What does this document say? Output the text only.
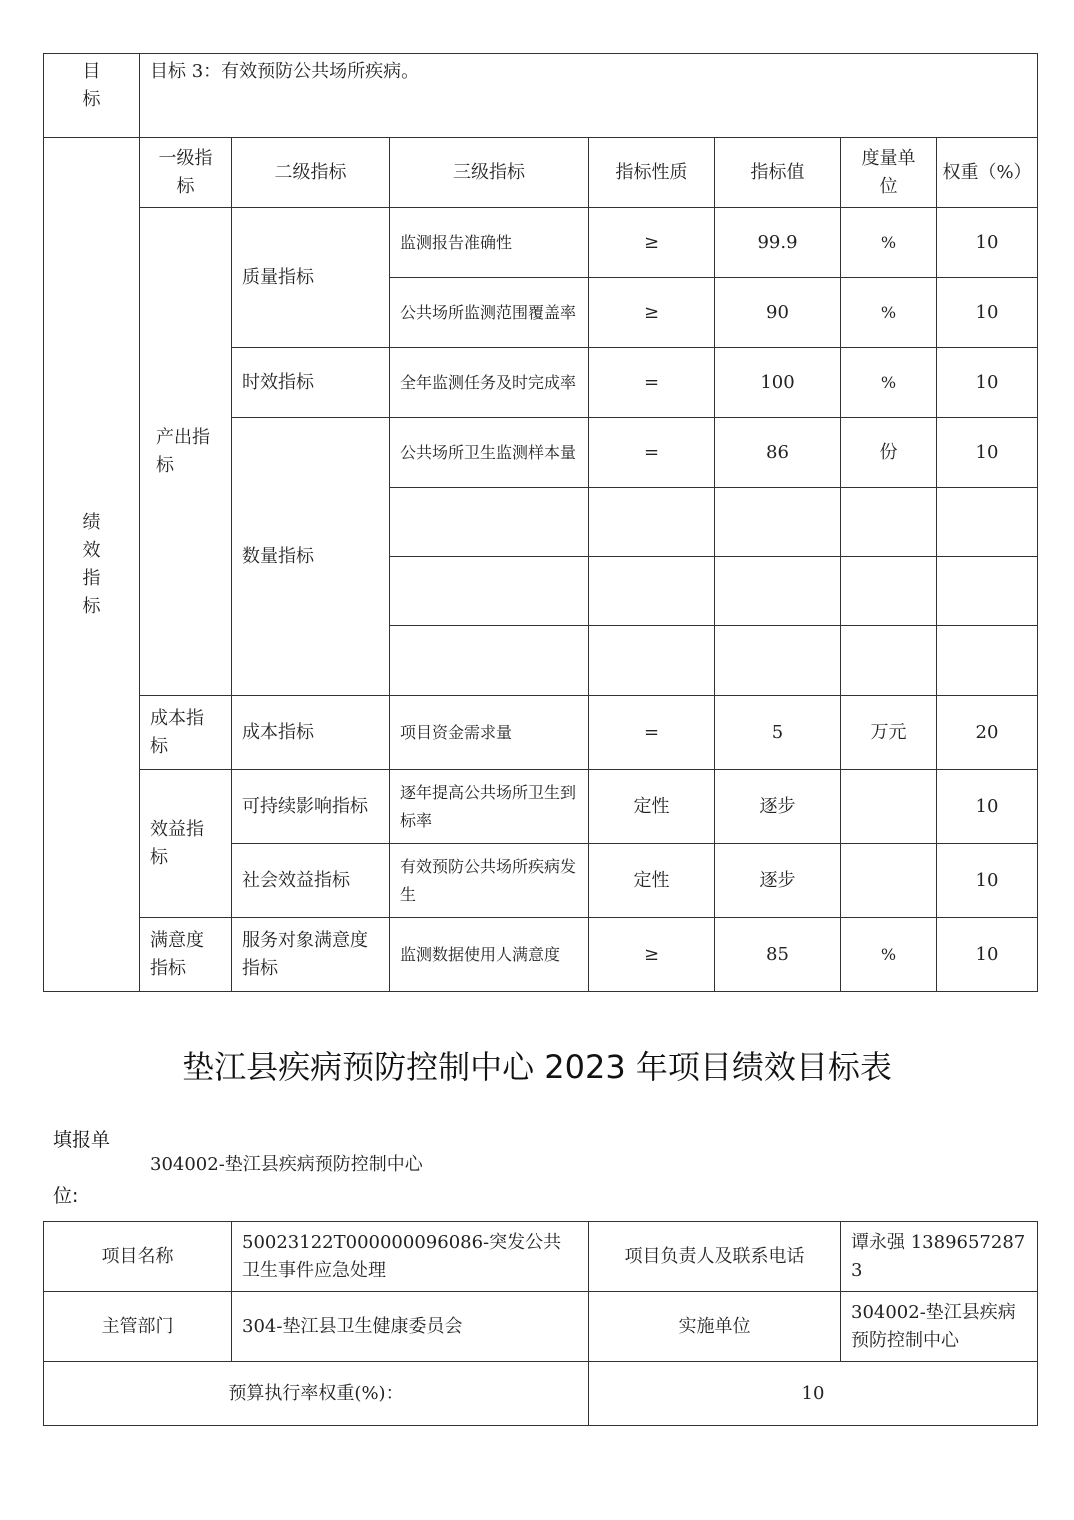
目标	目标 3：有效预防公共场所疾病。						
绩效指标	一级指标	二级指标	三级指标	指标性质	指标值	度量单位	权重（%）
	产出指标	质量指标	监测报告准确性	≥	99.9	%	10
			公共场所监测范围覆盖率	≥	90	%	10
		时效指标	全年监测任务及时完成率	=	100	%	10
		数量指标	公共场所卫生监测样本量	=	86	份	10

	成本指标	成本指标	项目资金需求量	=	5	万元	20
	效益指标	可持续影响指标	逐年提高公共场所卫生到标率	定性	逐步		10
		社会效益指标	有效预防公共场所疾病发生	定性	逐步		10
	满意度指标	服务对象满意度指标	监测数据使用人满意度	≥	85	%	10
垫江县疾病预防控制中心 2023 年项目绩效目标表
填报单
304002-垫江县疾病预防控制中心
位:
项目名称	50023122T000000096086-突发公共卫生事件应急处理	项目负责人及联系电话	谭永强 13896572873
主管部门	304-垫江县卫生健康委员会	实施单位	304002-垫江县疾病预防控制中心
预算执行率权重(%)：		10	
